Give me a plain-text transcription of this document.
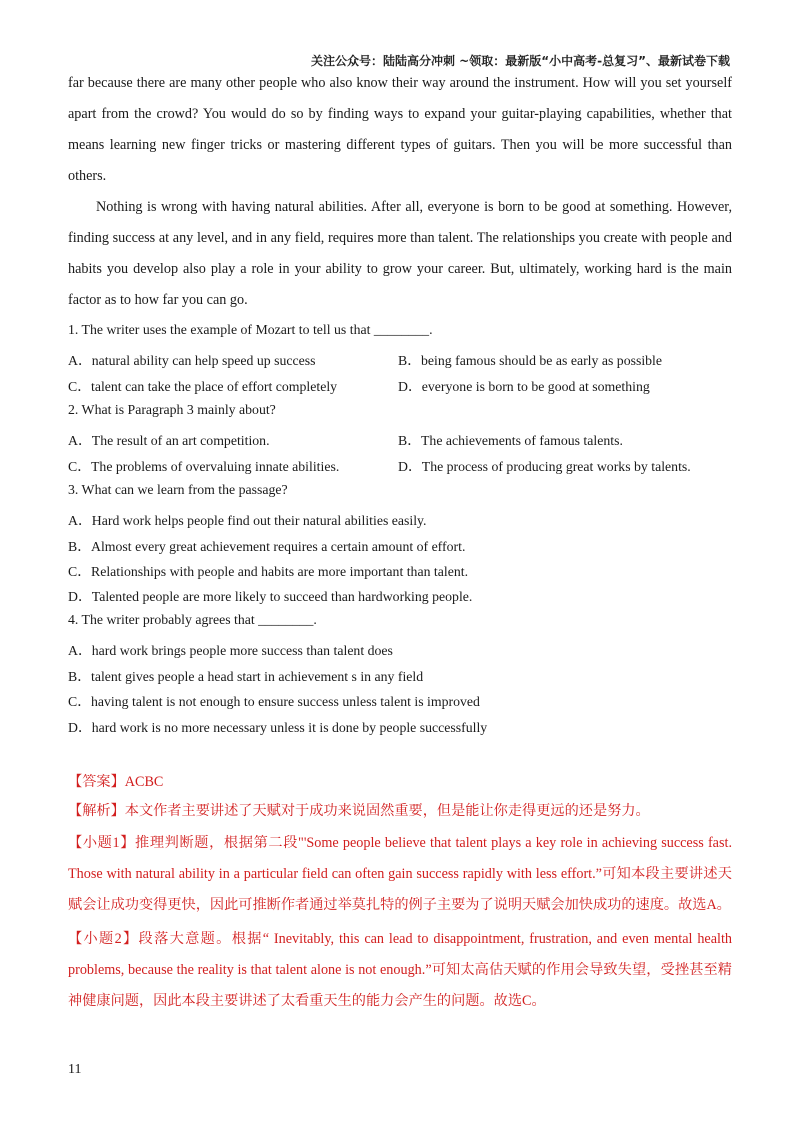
关注公众号：陆陆高分冲刺 ~领取：最新版“小中高考-总复习”、最新试卷下载

far because there are many other people who also know their way around the instrument. How will you set yourself apart from the crowd? You would do so by finding ways to expand your guitar-playing capabilities, whether that means learning new finger tricks or mastering different types of guitars. Then you will be more successful than others.

Nothing is wrong with having natural abilities. After all, everyone is born to be good at something. However, finding success at any level, and in any field, requires more than talent. The relationships you create with people and habits you develop also play a role in your ability to grow your career. But, ultimately, working hard is the main factor as to how far you can go.

1. The writer uses the example of Mozart to tell us that ________.
A．natural ability can help speed up success	B．being famous should be as early as possible
C．talent can take the place of effort completely	D．everyone is born to be good at something
2. What is Paragraph 3 mainly about?
A．The result of an art competition.	B．The achievements of famous talents.
C．The problems of overvaluing innate abilities.	D．The process of producing great works by talents.
3. What can we learn from the passage?
A．Hard work helps people find out their natural abilities easily.
B．Almost every great achievement requires a certain amount of effort.
C．Relationships with people and habits are more important than talent.
D．Talented people are more likely to succeed than hardworking people.
4. The writer probably agrees that ________.
A．hard work brings people more success than talent does
B．talent gives people a head start in achievement s in any field
C．having talent is not enough to ensure success unless talent is improved
D．hard work is no more necessary unless it is done by people successfully

【答案】ACBC

【解析】本文作者主要讲述了天赋对于成功来说固然重要，但是能让你走得更远的还是努力。

【小题1】推理判断题，根据第二段"'Some people believe that talent plays a key role in achieving success fast. Those with natural ability in a particular field can often gain success rapidly with less effort.”可知本段主要讲述天赋会让成功变得更快，因此可推断作者通过举莫扎特的例子主要为了说明天赋会加快成功的速度。故选A。

【小题2】段落大意题。根据“ Inevitably, this can lead to disappointment, frustration, and even mental health problems, because the reality is that talent alone is not enough.”可知太高估天赋的作用会导致失望，受挫甚至精神健康问题，因此本段主要讲述了太看重天生的能力会产生的问题。故选C。

11
